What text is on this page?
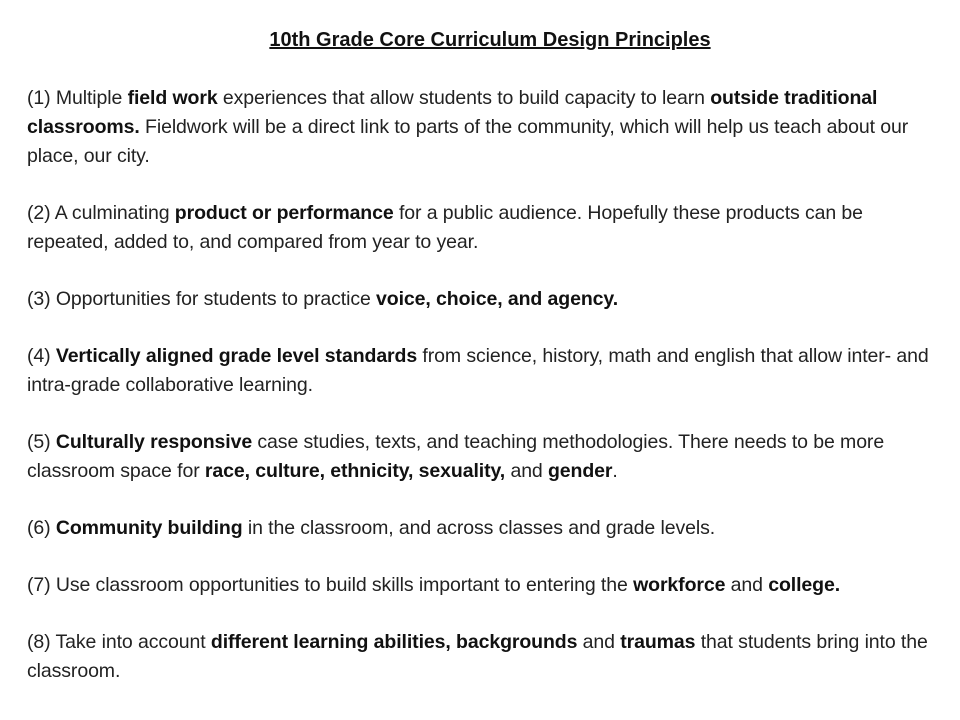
10th Grade Core Curriculum Design Principles

(1) Multiple field work experiences that allow students to build capacity to learn outside traditional classrooms. Fieldwork will be a direct link to parts of the community, which will help us teach about our place, our city.

(2) A culminating product or performance for a public audience. Hopefully these products can be repeated, added to, and compared from year to year.

(3) Opportunities for students to practice voice, choice, and agency.

(4) Vertically aligned grade level standards from science, history, math and english that allow inter- and intra-grade collaborative learning.

(5) Culturally responsive case studies, texts, and teaching methodologies. There needs to be more classroom space for race, culture, ethnicity, sexuality, and gender.

(6) Community building in the classroom, and across classes and grade levels.

(7) Use classroom opportunities to build skills important to entering the workforce and college.

(8) Take into account different learning abilities, backgrounds and traumas that students bring into the classroom.
